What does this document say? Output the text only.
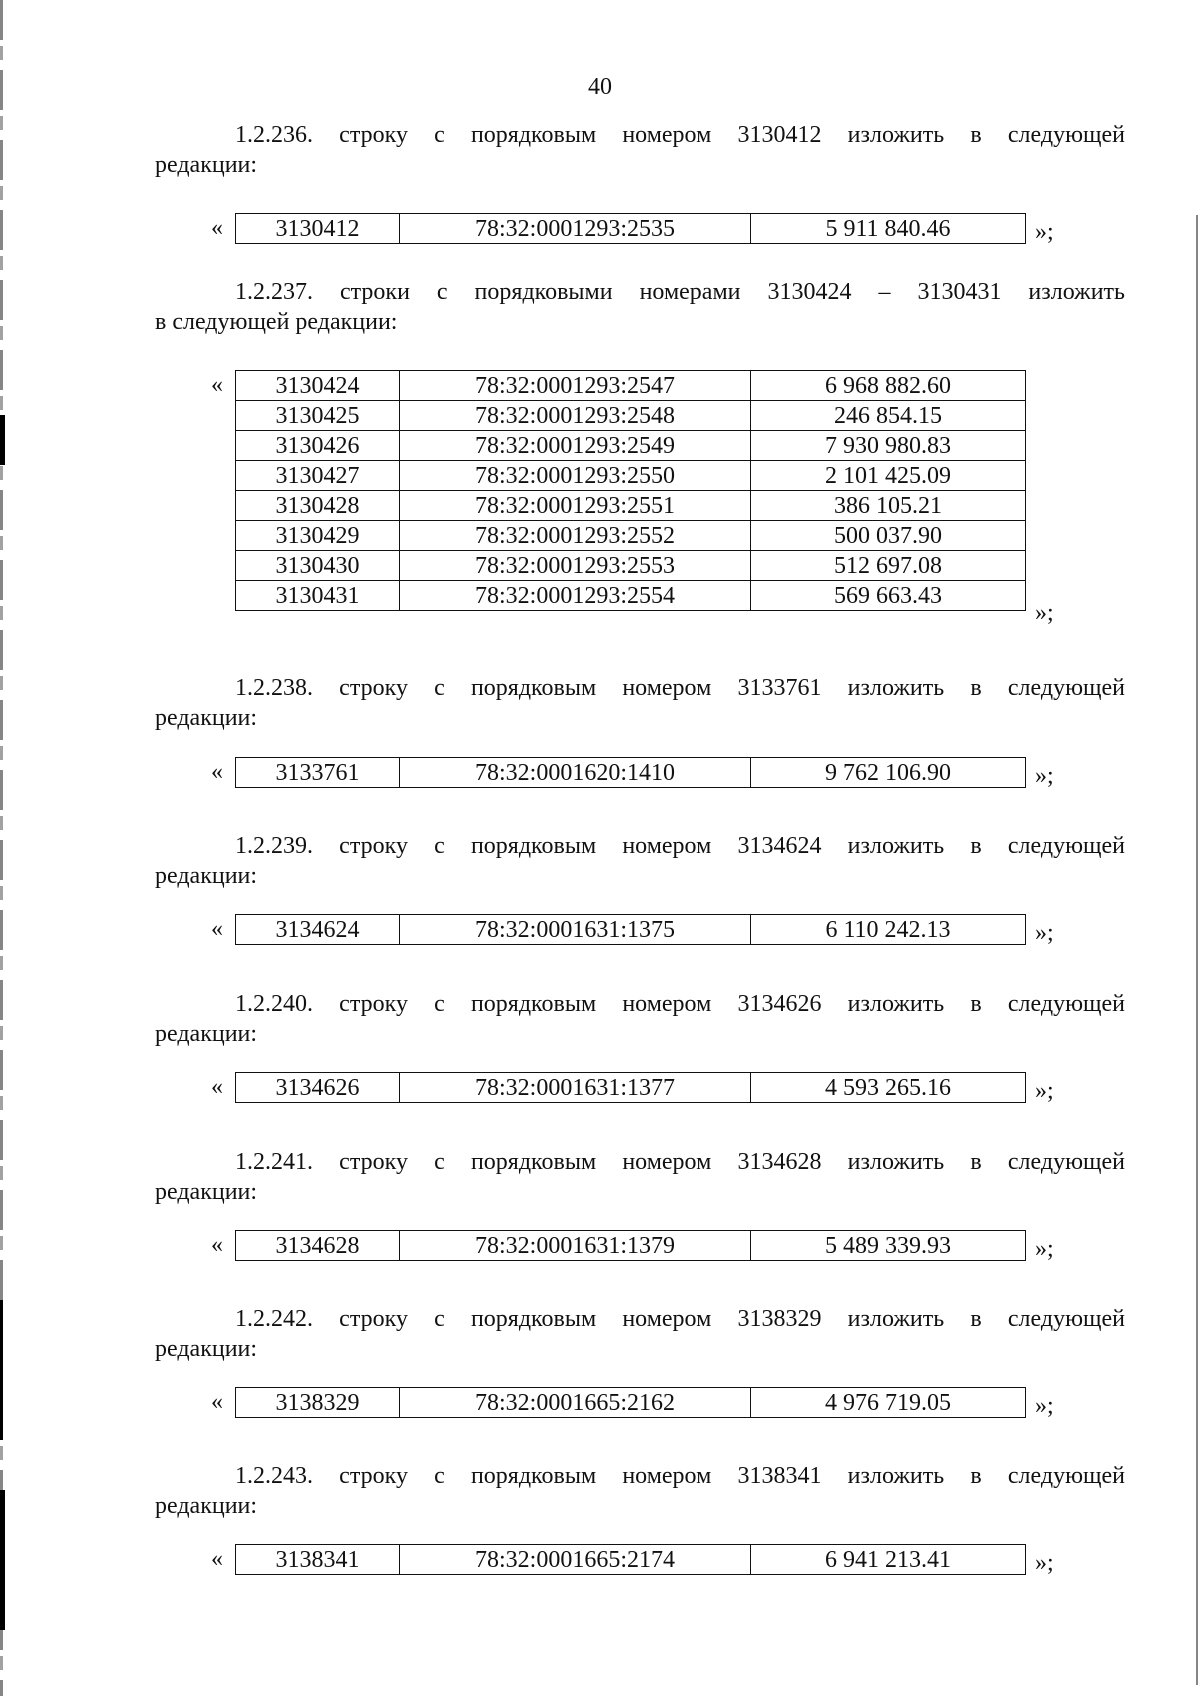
40
1.2.236. строку с порядковым номером 3130412 изложить в следующей
редакции:
« 3130412	78:32:0001293:2535	5 911 840.46	»;
1.2.237. строки с порядковыми номерами 3130424 – 3130431 изложить
в следующей редакции:
« 3130424	78:32:0001293:2547	6 968 882.60
3130425	78:32:0001293:2548	246 854.15
3130426	78:32:0001293:2549	7 930 980.83
3130427	78:32:0001293:2550	2 101 425.09
3130428	78:32:0001293:2551	386 105.21
3130429	78:32:0001293:2552	500 037.90
3130430	78:32:0001293:2553	512 697.08
3130431	78:32:0001293:2554	569 663.43
»;
1.2.238. строку с порядковым номером 3133761 изложить в следующей
редакции:
« 3133761	78:32:0001620:1410	9 762 106.90	»;
1.2.239. строку с порядковым номером 3134624 изложить в следующей
редакции:
« 3134624	78:32:0001631:1375	6 110 242.13	»;
1.2.240. строку с порядковым номером 3134626 изложить в следующей
редакции:
« 3134626	78:32:0001631:1377	4 593 265.16	»;
1.2.241. строку с порядковым номером 3134628 изложить в следующей
редакции:
« 3134628	78:32:0001631:1379	5 489 339.93	»;
1.2.242. строку с порядковым номером 3138329 изложить в следующей
редакции:
« 3138329	78:32:0001665:2162	4 976 719.05	»;
1.2.243. строку с порядковым номером 3138341 изложить в следующей
редакции:
« 3138341	78:32:0001665:2174	6 941 213.41	»;
